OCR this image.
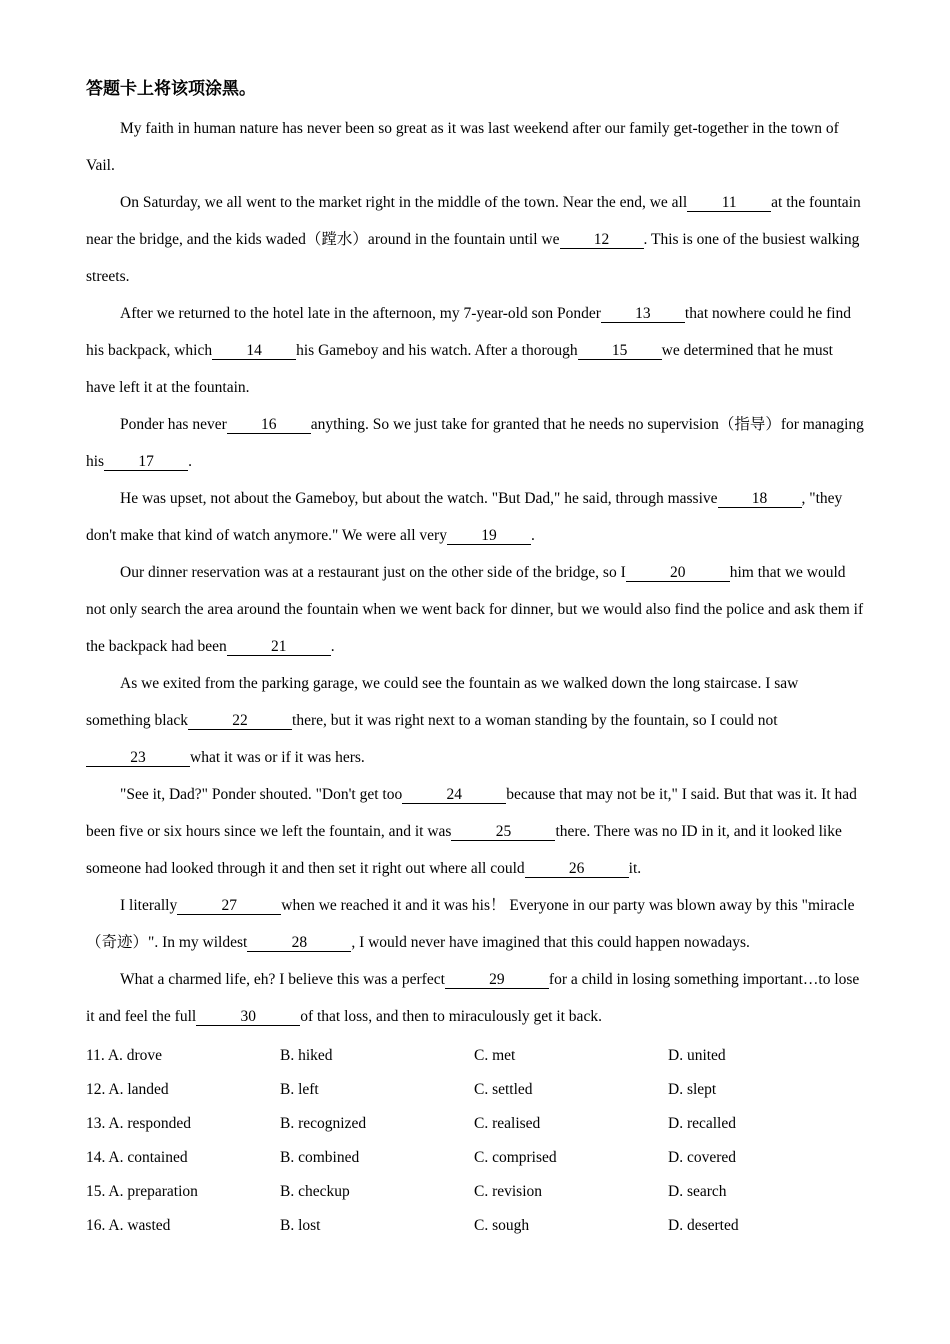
答题卡上将该项涂黑。

My faith in human nature has never been so great as it was last weekend after our family get-together in the town of Vail.

On Saturday, we all went to the market right in the middle of the town. Near the end, we all 11 at the fountain near the bridge, and the kids waded（蹚水）around in the fountain until we 12 . This is one of the busiest walking streets.

After we returned to the hotel late in the afternoon, my 7-year-old son Ponder 13 that nowhere could he find his backpack, which 14 his Gameboy and his watch. After a thorough 15 we determined that he must have left it at the fountain.

Ponder has never 16 anything. So we just take for granted that he needs no supervision（指导）for managing his 17 .

He was upset, not about the Gameboy, but about the watch. "But Dad," he said, through massive 18 , "they don't make that kind of watch anymore." We were all very 19 .

Our dinner reservation was at a restaurant just on the other side of the bridge, so I	20	him that we would not only search the area around the fountain when we went back for dinner, but we would also find the police and ask them if the backpack had been	21	.

As we exited from the parking garage, we could see the fountain as we walked down the long staircase. I saw something black	22	there, but it was right next to a woman standing by the fountain, so I could not23	what it was or if it was hers.

"See it, Dad?" Ponder shouted. "Don't get too	24	because that may not be it," I said. But that was it. It had been five or six hours since we left the fountain, and it was	25	there. There was no ID in it, and it looked like someone had looked through it and then set it right out where all could	26	it.

I literally	27	when we reached it and it was his！ Everyone in our party was blown away by this "miracle（奇迹）". In my wildest	28	, I would never have imagined that this could happen nowadays.

What a charmed life, eh? I believe this was a perfect	29	for a child in losing something important…to lose it and feel the full	30	of that loss, and then to miraculously get it back.

11. A. drove	B. hiked	C. met	D. united
12. A. landed	B. left	C. settled	D. slept
13. A. responded	B. recognized	C. realised	D. recalled
14. A. contained	B. combined	C. comprised	D. covered
15. A. preparation	B. checkup	C. revision	D. search
16. A. wasted	B. lost	C. sough	D. deserted
